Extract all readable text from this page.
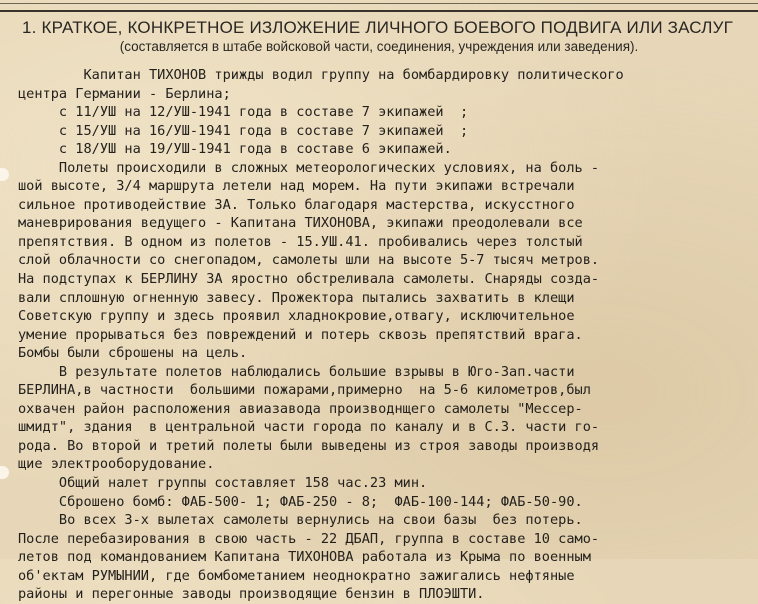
1. КРАТКОЕ, КОНКРЕТНОЕ ИЗЛОЖЕНИЕ ЛИЧНОГО БОЕВОГО ПОДВИГА ИЛИ ЗАСЛУГ
(составляется в штабе войсковой части, соединения, учреждения или заведения).
Капитан ТИХОНОВ трижды водил группу на бомбардировку политического
центра Германии - Берлина;
с 11/УШ на 12/УШ-1941 года в составе 7 экипажей  ;
с 15/УШ на 16/УШ-1941 года в составе 7 экипажей  ;
с 18/УШ на 19/УШ-1941 года в составе 6 экипажей.
Полеты происходили в сложных метеорологических условиях, на боль -
шой высоте, 3/4 маршрута летели над морем. На пути экипажи встречали
сильное противодействие ЗА. Только благодаря мастерства, искусстного
маневрирования ведущего - Капитана ТИХОНОВА, экипажи преодолевали все
препятствия. В одном из полетов - 15.УШ.41. пробивались через толстый
слой облачности со снегопадом, самолеты шли на высоте 5-7 тысяч метров.
На подступах к БЕРЛИНУ ЗА яростно обстреливала самолеты. Снаряды созда-
вали сплошную огненную завесу. Прожектора пытались захватить в клещи
Советскую группу и здесь проявил хладнокровие,отвагу, исключительное
умение прорываться без повреждений и потерь сквозь препятствий врага.
Бомбы были сброшены на цель.
В результате полетов наблюдались большие взрывы в Юго-Зап.части
БЕРЛИНА,в частности  большими пожарами,примерно  на 5-6 километров,был
охвачен район расположения авиазавода производнщего самолеты "Мессер-
шмидт", здания  в центральной части города по каналу и в С.З. части го-
рода. Во второй и третий полеты были выведены из строя заводы производя
щие электрооборудование.
Общий налет группы составляет 158 час.23 мин.
Сброшено бомб: ФАБ-500- 1; ФАБ-250 - 8;  ФАБ-100-144; ФАБ-50-90.
Во всех 3-х вылетах самолеты вернулись на свои базы  без потерь.
После перебазирования в свою часть - 22 ДБАП, группа в составе 10 само-
летов под командованием Капитана ТИХОНОВА работала из Крыма по военным
об'ектам РУМЫНИИ, где бомбометанием неоднократно зажигались нефтяные
районы и перегонные заводы производящие бензин в ПЛОЭШТИ.
